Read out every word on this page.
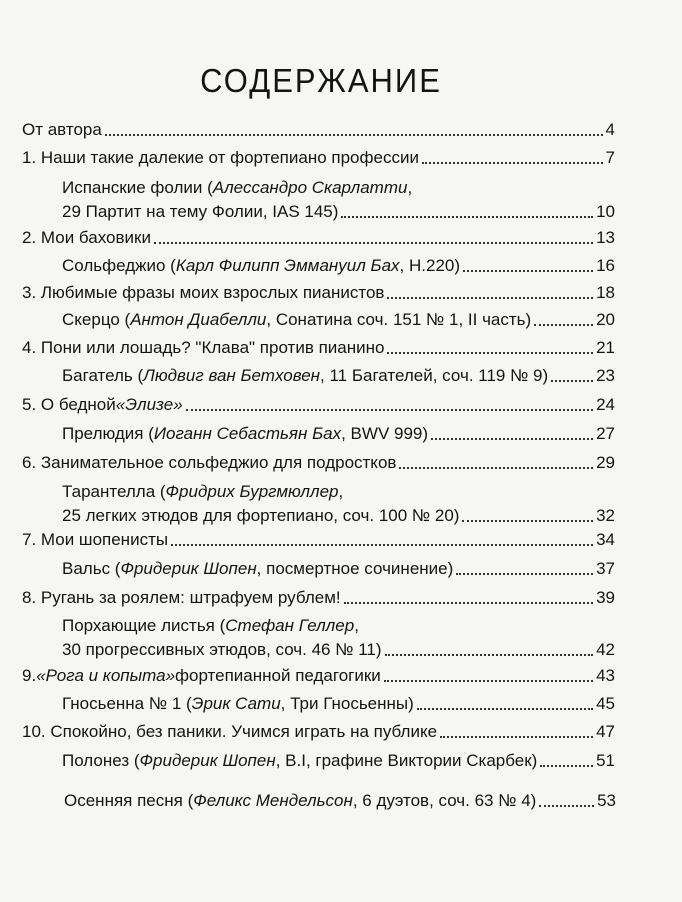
СОДЕРЖАНИЕ
От автора	4
1. Наши такие далекие от фортепиано профессии	7
Испанские фолии (Алессандро Скарлатти,
29 Партит на тему Фолии, IAS 145)	10
2. Мои баховики	13
Сольфеджио ( Карл Филипп Эммануил Бах , H.220)	16
3. Любимые фразы моих взрослых пианистов	18
Скерцо ( Антон Диабелли , Сонатина соч. 151 № 1, II часть)	20
4. Пони или лошадь? "Клава" против пианино	21
Багатель ( Людвиг ван Бетховен , 11 Багателей, соч. 119 № 9)	23
5. О бедной «Элизе»	24
Прелюдия ( Иоганн Себастьян Бах , BWV 999)	27
6. Занимательное сольфеджио для подростков	29
Тарантелла (Фридрих Бургмюллер,
25 легких этюдов для фортепиано, соч. 100 № 20)	32
7. Мои шопенисты	34
Вальс ( Фридерик Шопен , посмертное сочинение)	37
8. Ругань за роялем: штрафуем рублем!	39
Порхающие листья (Стефан Геллер,
30 прогрессивных этюдов, соч. 46 № 11)	42
9. «Рога и копыта» фортепианной педагогики	43
Гносьенна № 1 ( Эрик Сати , Три Гносьенны)	45
10. Спокойно, без паники. Учимся играть на публике	47
Полонез ( Фридерик Шопен , B.I, графине Виктории Скарбек)	51
Осенняя песня ( Феликс Мендельсон , 6 дуэтов, соч. 63 № 4)	53
